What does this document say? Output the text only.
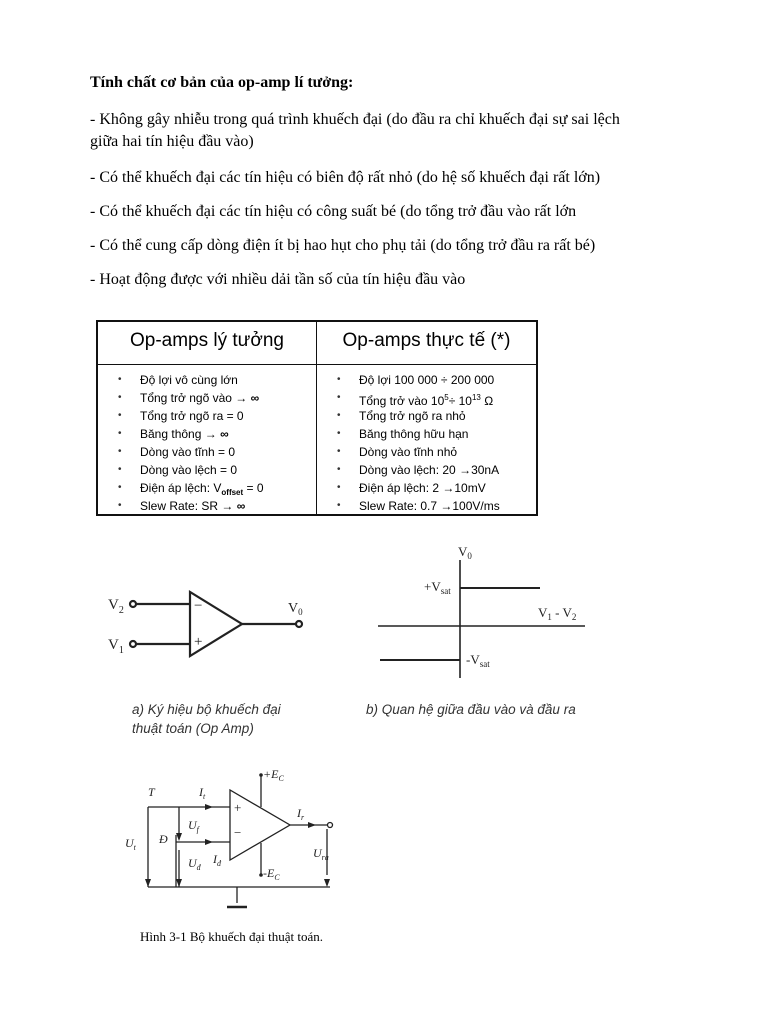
Tính chất cơ bản của op-amp lí tưởng:

- Không gây nhiễu trong quá trình khuếch đại (do đầu ra chỉ khuếch đại sự sai lệch

giữa hai tín hiệu đầu vào)

- Có thể khuếch đại các tín hiệu có biên độ rất nhỏ (do hệ số khuếch đại rất lớn)

- Có thể khuếch đại các tín hiệu có công suất bé (do tổng trở đầu vào rất lớn

- Có thể cung cấp dòng điện ít bị hao hụt cho phụ tải (do tổng trở đầu ra rất bé)

- Hoạt động được với nhiều dải tần số của tín hiệu đầu vào

Op-amps lý tưởng
• Độ lợi vô cùng lớn
• Tổng trở ngõ vào → ∞
• Tổng trở ngõ ra = 0
• Băng thông → ∞
• Dòng vào tĩnh = 0
• Dòng vào lệch = 0
• Điện áp lệch: $V_{offset} = 0$
• Slew Rate: SR → ∞
Op-amps thực tế (*)
• Độ lợi 100 000 ÷ 200 000
• Tổng trở vào $10^5\div 10^{13}$ Ω
• Tổng trở ngõ ra nhỏ
• Băng thông hữu hạn
• Dòng vào tĩnh nhỏ
• Dòng vào lệch: 20 →30nA
• Điện áp lệch: 2 →10mV
• Slew Rate: 0.7 →100V/ms
$V_2$
$V_1$
$V_0$
−
+

a) Ký hiệu bộ khuếch đại

thuật toán (Op Amp)

$V_0$
$V_1 - V_2$
$+V_{sat}$
$-V_{sat}$

b) Quan hệ giữa đầu vào và đầu ra

T
Đ
$I_t$
$I_đ$
$U_t$
$U_f$
$U_đ$
$I_r$
$U_{ra}$
$+E_C$
$-E_C$
+
−

Hình 3-1 Bộ khuếch đại thuật toán.
